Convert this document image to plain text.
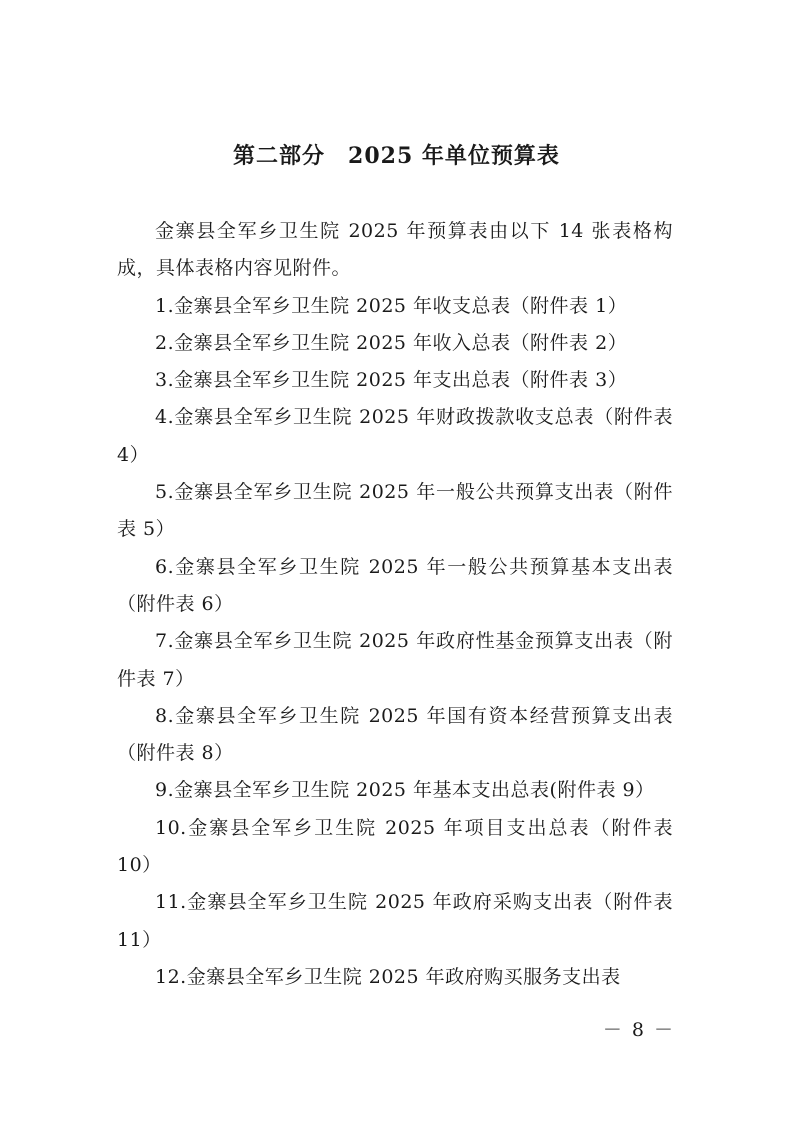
第二部分　2025 年单位预算表

金寨县全军乡卫生院 2025 年预算表由以下 14 张表格构成，具体表格内容见附件。

1.金寨县全军乡卫生院 2025 年收支总表（附件表 1）

2.金寨县全军乡卫生院 2025 年收入总表（附件表 2）

3.金寨县全军乡卫生院 2025 年支出总表（附件表 3）

4.金寨县全军乡卫生院 2025 年财政拨款收支总表（附件表 4）

5.金寨县全军乡卫生院 2025 年一般公共预算支出表（附件表 5）

6.金寨县全军乡卫生院 2025 年一般公共预算基本支出表（附件表 6）

7.金寨县全军乡卫生院 2025 年政府性基金预算支出表（附件表 7）

8.金寨县全军乡卫生院 2025 年国有资本经营预算支出表（附件表 8）

9.金寨县全军乡卫生院 2025 年基本支出总表(附件表 9）

10.金寨县全军乡卫生院 2025 年项目支出总表（附件表 10）

11.金寨县全军乡卫生院 2025 年政府采购支出表（附件表 11）

12.金寨县全军乡卫生院 2025 年政府购买服务支出表

－ 8 －
